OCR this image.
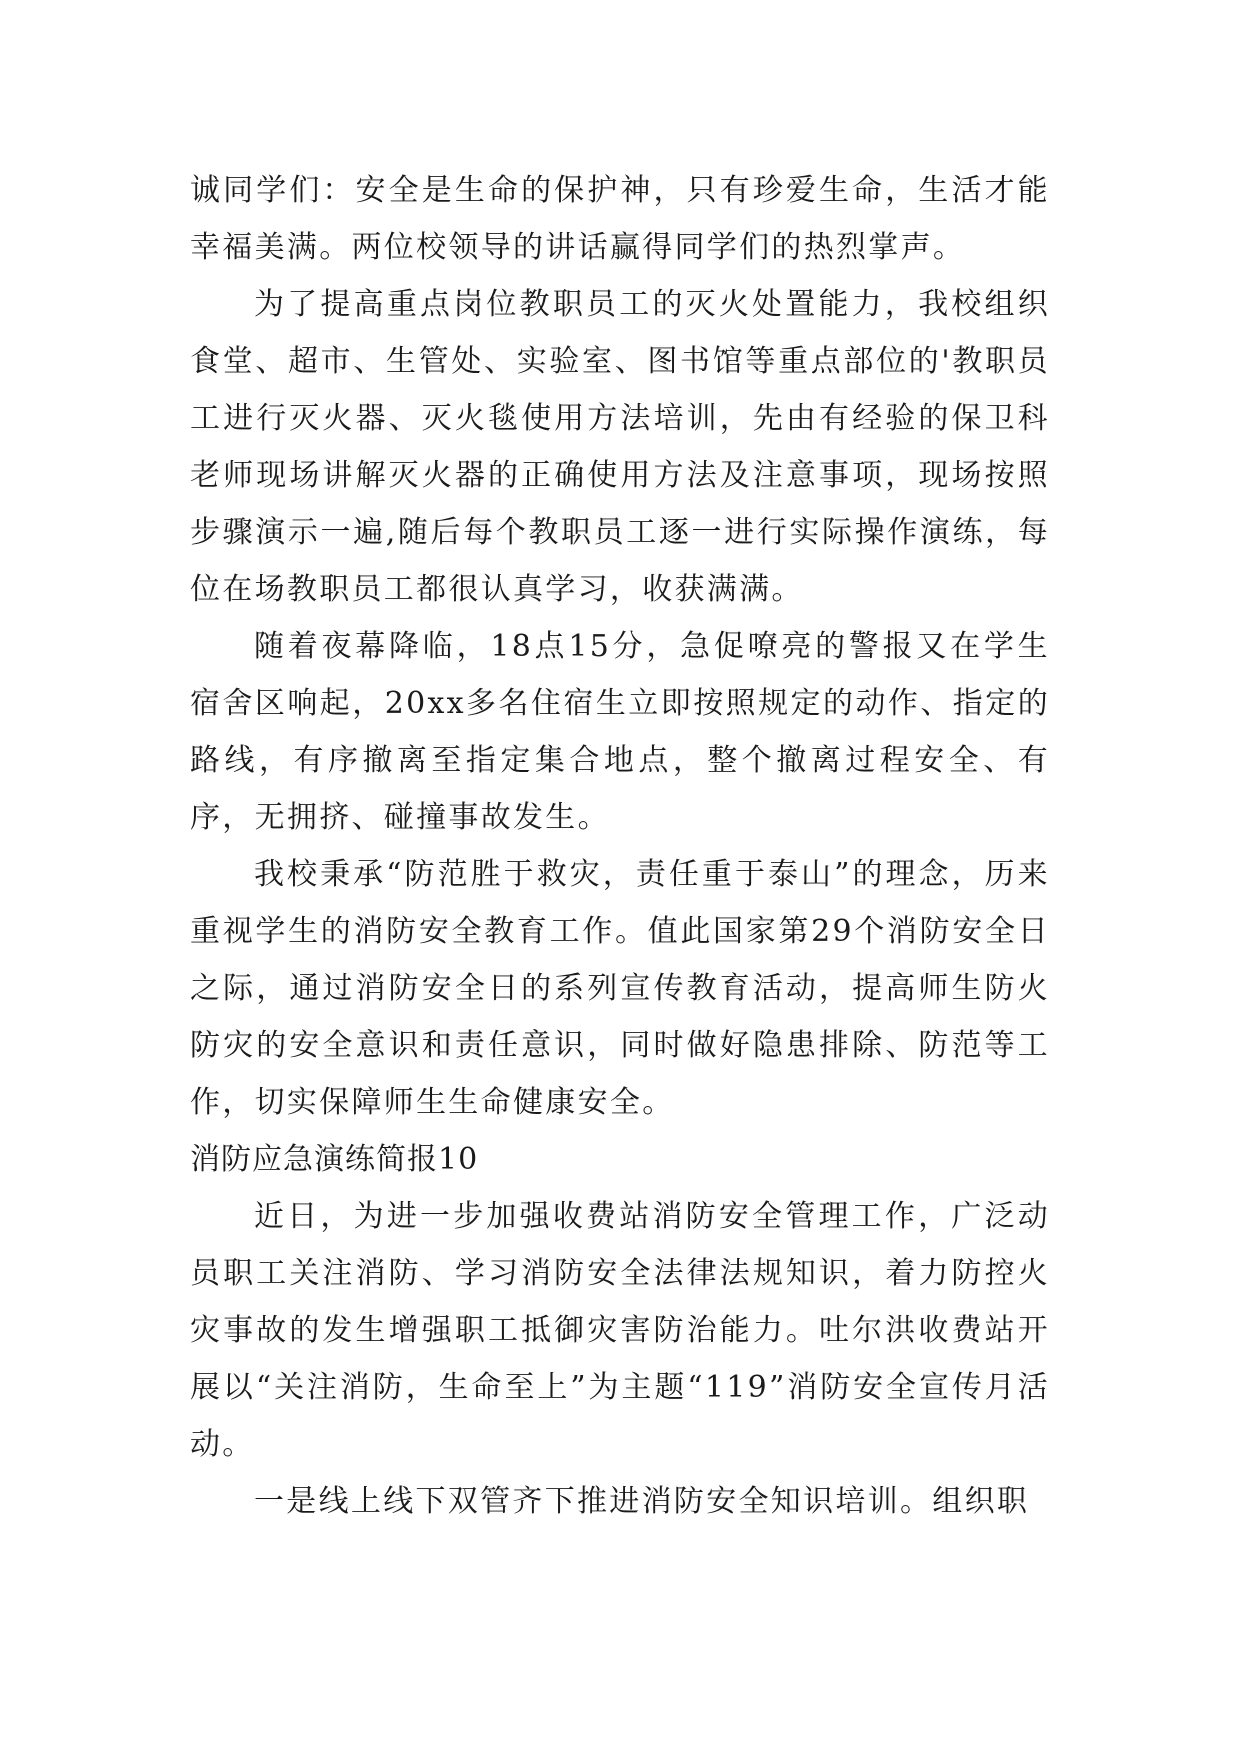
诚同学们：安全是生命的保护神，只有珍爱生命，生活才能幸福美满。两位校领导的讲话赢得同学们的热烈掌声。

为了提高重点岗位教职员工的灭火处置能力，我校组织食堂、超市、生管处、实验室、图书馆等重点部位的'教职员工进行灭火器、灭火毯使用方法培训，先由有经验的保卫科老师现场讲解灭火器的正确使用方法及注意事项，现场按照步骤演示一遍,随后每个教职员工逐一进行实际操作演练，每位在场教职员工都很认真学习，收获满满。

随着夜幕降临，18点15分，急促嘹亮的警报又在学生宿舍区响起，20xx多名住宿生立即按照规定的动作、指定的路线，有序撤离至指定集合地点，整个撤离过程安全、有序，无拥挤、碰撞事故发生。

我校秉承“防范胜于救灾，责任重于泰山”的理念，历来重视学生的消防安全教育工作。值此国家第29个消防安全日之际，通过消防安全日的系列宣传教育活动，提高师生防火防灾的安全意识和责任意识，同时做好隐患排除、防范等工作，切实保障师生生命健康安全。

消防应急演练简报10

近日，为进一步加强收费站消防安全管理工作，广泛动员职工关注消防、学习消防安全法律法规知识，着力防控火灾事故的发生增强职工抵御灾害防治能力。吐尔洪收费站开展以“关注消防，生命至上”为主题“119”消防安全宣传月活动。

一是线上线下双管齐下推进消防安全知识培训。组织职
